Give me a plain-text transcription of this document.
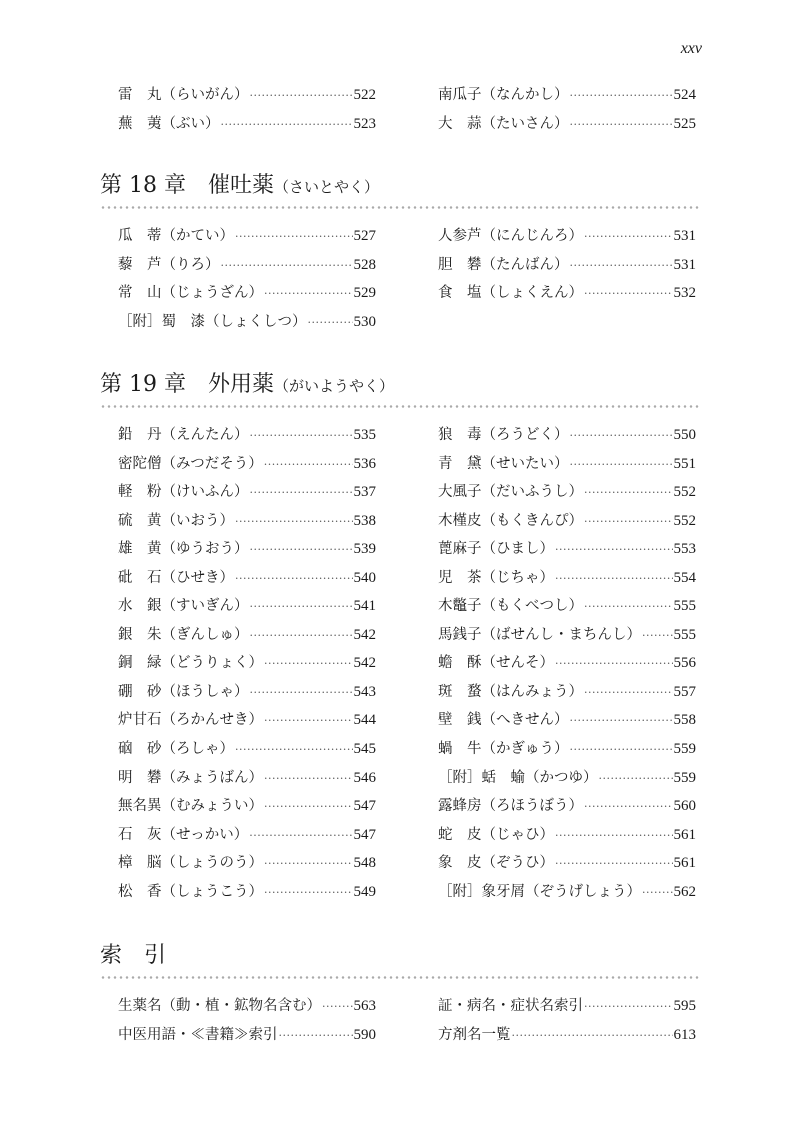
xxv
雷　丸（らいがん） ·····	522
蕪　荑（ぶい） ·····	523
南瓜子（なんかし） ·····	524
大　蒜（たいさん） ·····	525
第 18 章　催吐薬（さいとやく）
瓜　蒂（かてい） ·····	527
藜　芦（りろ） ·····	528
常　山（じょうざん） ·····	529
［附］蜀　漆（しょくしつ） ·····	530
人参芦（にんじんろ） ·····	531
胆　礬（たんばん） ·····	531
食　塩（しょくえん） ·····	532
第 19 章　外用薬（がいようやく）
鉛　丹（えんたん） ·····	535
密陀僧（みつだそう） ·····	536
軽　粉（けいふん） ·····	537
硫　黄（いおう） ·····	538
雄　黄（ゆうおう） ·····	539
砒　石（ひせき） ·····	540
水　銀（すいぎん） ·····	541
銀　朱（ぎんしゅ） ·····	542
銅　緑（どうりょく） ·····	542
硼　砂（ほうしゃ） ·····	543
炉甘石（ろかんせき） ·····	544
硇　砂（ろしゃ） ·····	545
明　礬（みょうばん） ·····	546
無名異（むみょうい） ·····	547
石　灰（せっかい） ·····	547
樟　脳（しょうのう） ·····	548
松　香（しょうこう） ·····	549
狼　毒（ろうどく） ·····	550
青　黛（せいたい） ·····	551
大風子（だいふうし） ·····	552
木槿皮（もくきんぴ） ·····	552
蓖麻子（ひまし） ·····	553
児　茶（じちゃ） ·····	554
木鼈子（もくべつし） ·····	555
馬銭子（ばせんし・まちんし） ····· 555
蟾　酥（せんそ） ·····	556
斑　蝥（はんみょう） ·····	557
壁　銭（へきせん） ·····	558
蝸　牛（かぎゅう） ·····	559
［附］蛞　蝓（かつゆ） ·····	559
露蜂房（ろほうぼう） ·····	560
蛇　皮（じゃひ） ·····	561
象　皮（ぞうひ） ·····	561
［附］象牙屑（ぞうげしょう） ····· 562
索　引
生薬名（動・植・鉱物名含む） ····· 563
中医用語・≪書籍≫索引 ·····	590
証・病名・症状名索引 ·····	595
方剤名一覧 ·····	613
